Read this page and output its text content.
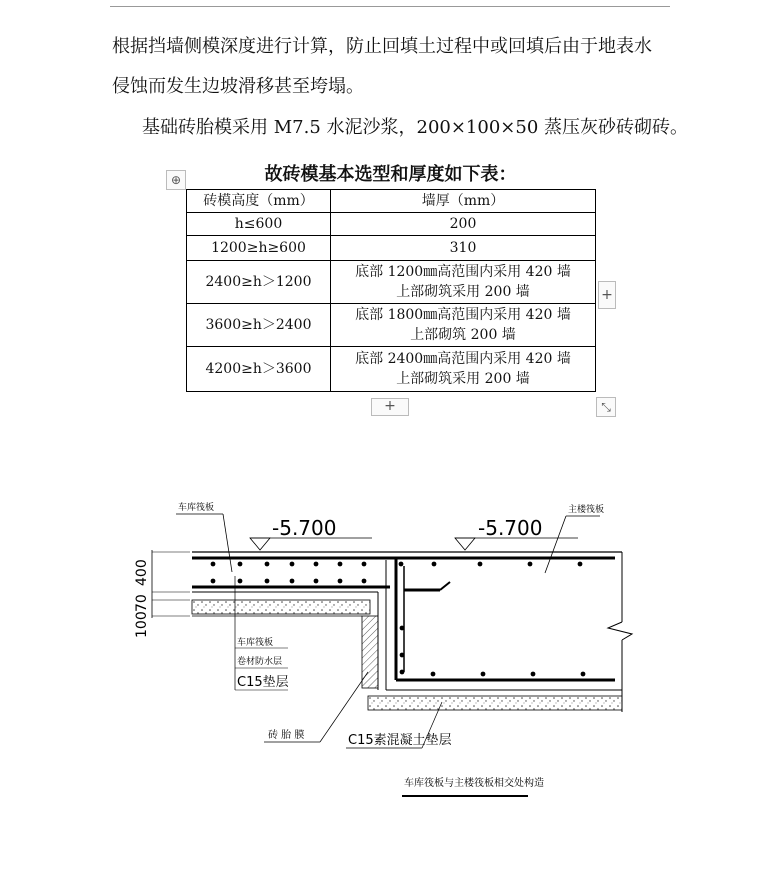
根据挡墙侧模深度进行计算，防止回填土过程中或回填后由于地表水
侵蚀而发生边坡滑移甚至垮塌。
基础砖胎模采用 M7.5 水泥沙浆，200×100×50 蒸压灰砂砖砌砖。
故砖模基本选型和厚度如下表：
⊕
砖模高度（mm）	墙厚（mm）
h≤600	200
1200≥h≥600	310
2400≥h＞1200	底部 1200㎜高范围内采用 420 墙
上部砌筑采用 200 墙

3600≥h＞2400	底部 1800㎜高范围内采用 420 墙
上部砌筑 200 墙

4200≥h＞3600	底部 2400㎜高范围内采用 420 墙
上部砌筑采用 200 墙
+
+	⤡
车库筏板	主楼筏板
-5.700	-5.700
400
70
100
车库筏板
卷材防水层
C15垫层
砖 胎 膜	C15素混凝土垫层
车库筏板与主楼筏板相交处构造
